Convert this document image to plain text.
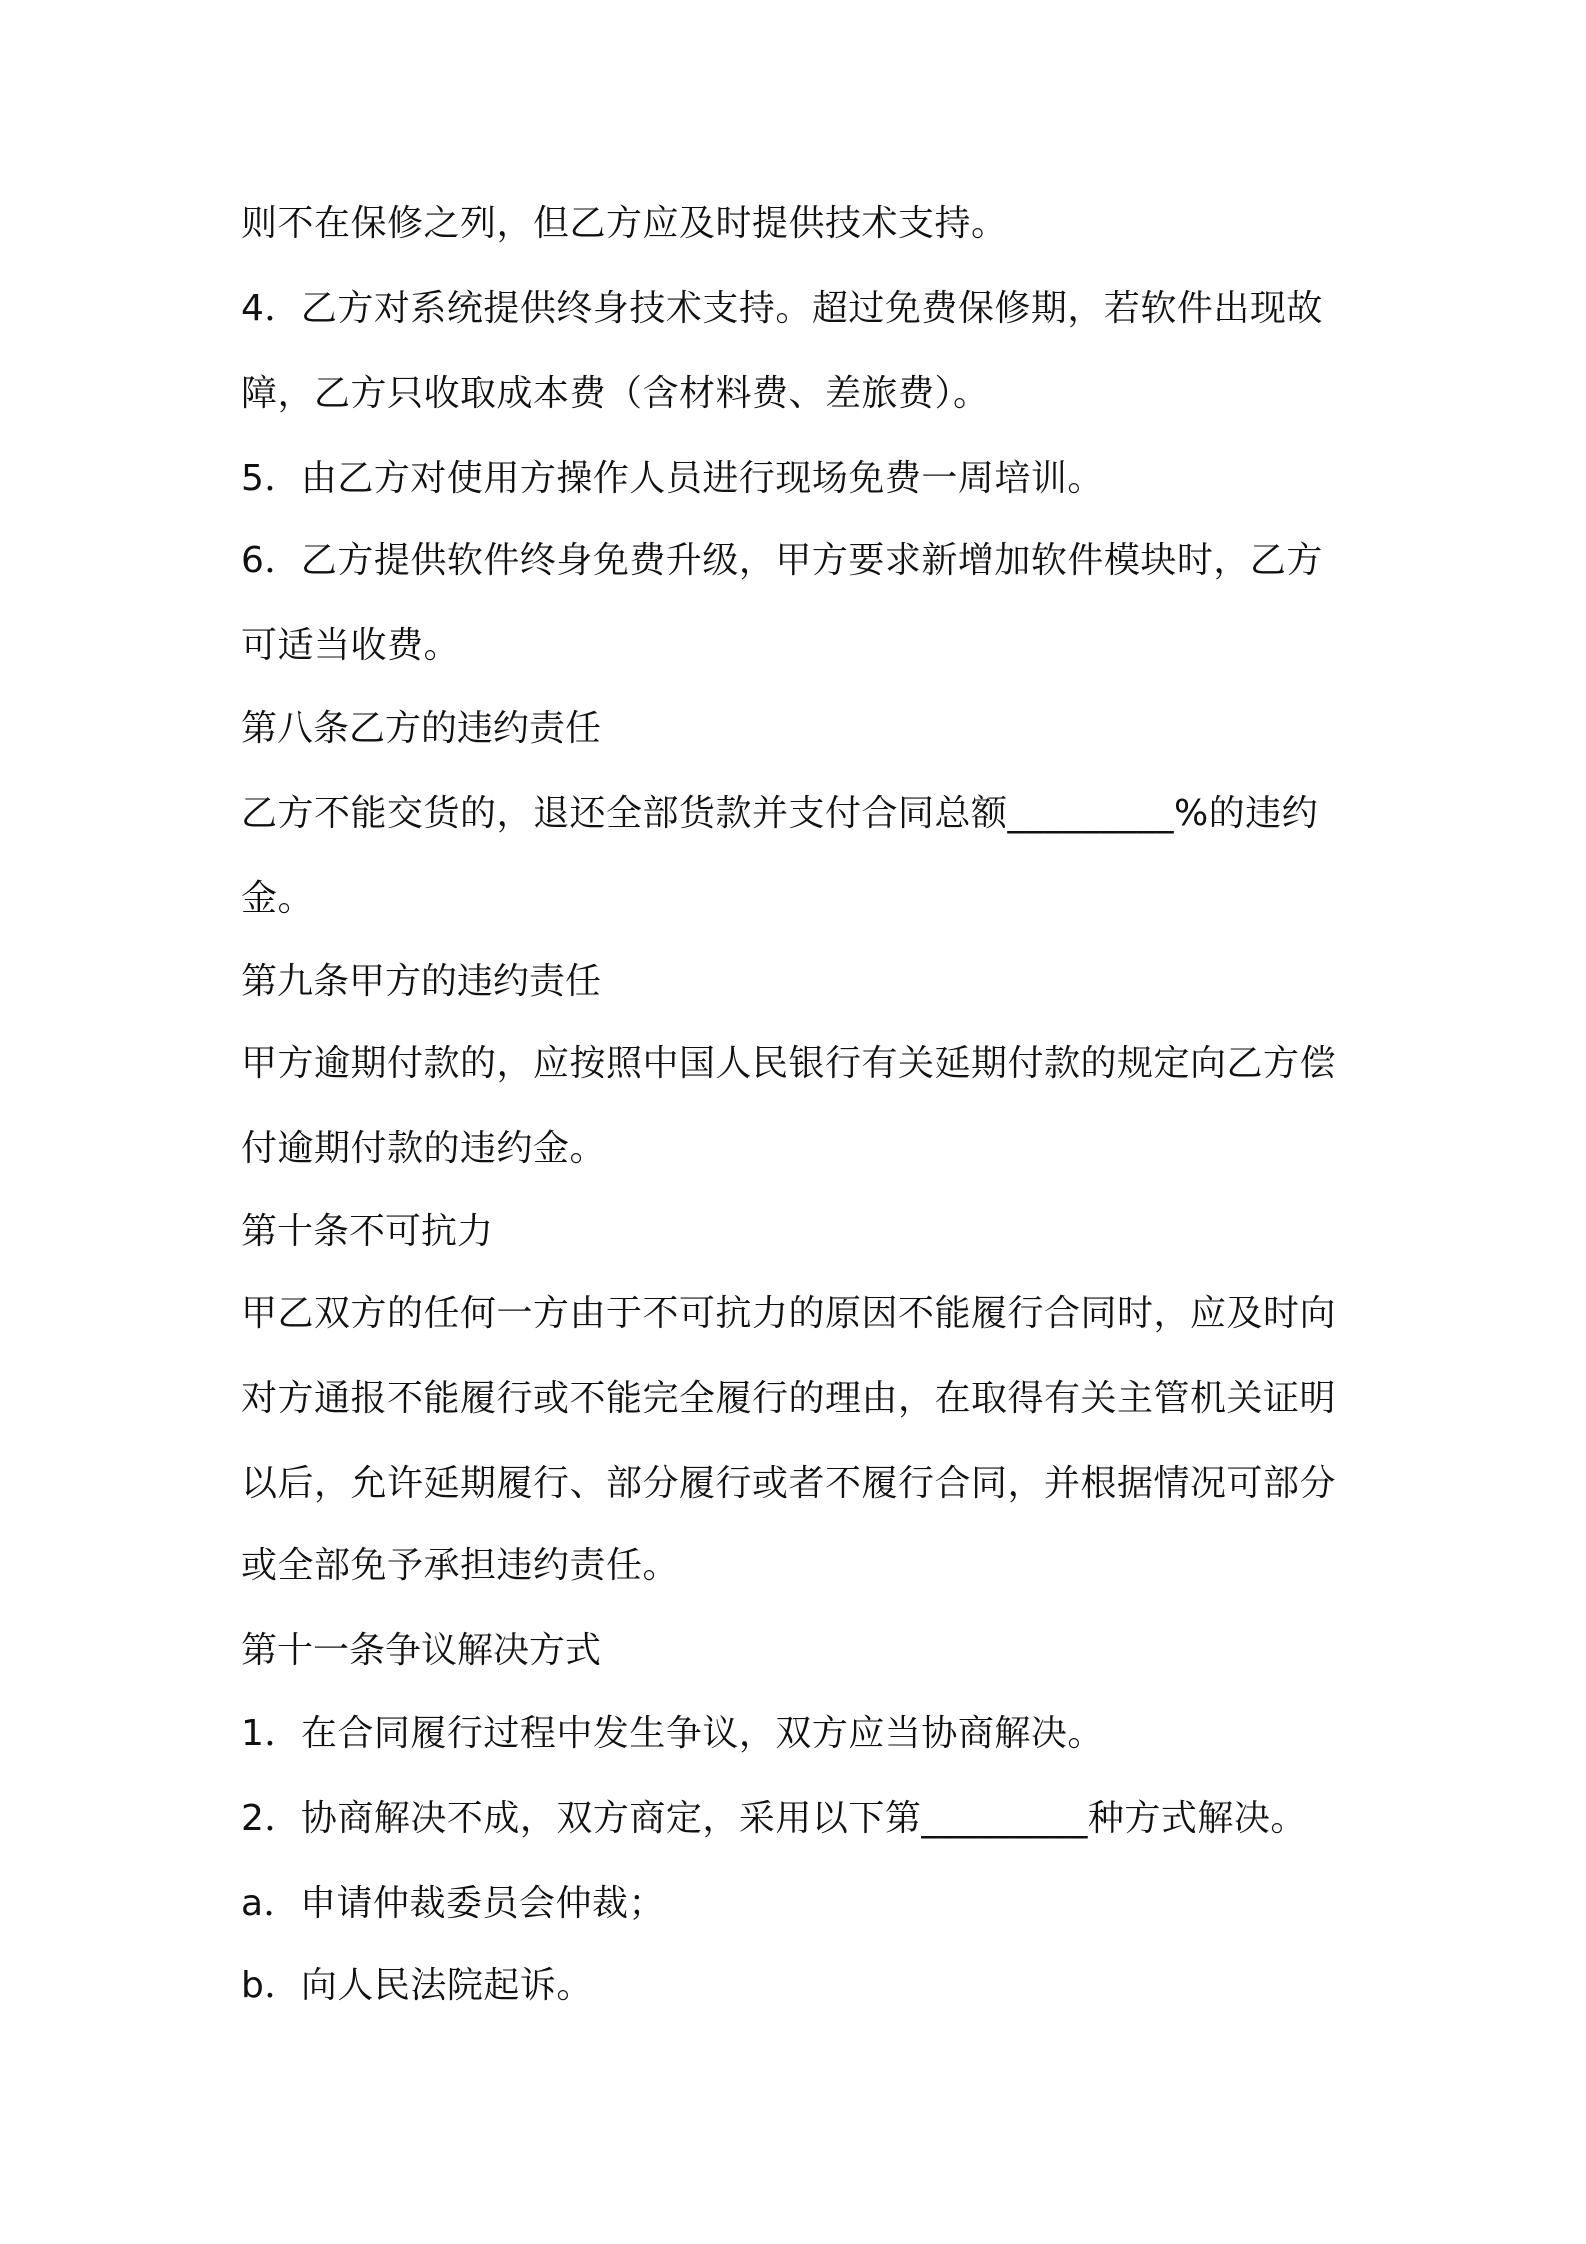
则不在保修之列，但乙方应及时提供技术支持。
4．乙方对系统提供终身技术支持。超过免费保修期，若软件出现故
障，乙方只收取成本费（含材料费、差旅费）。
5．由乙方对使用方操作人员进行现场免费一周培训。
6．乙方提供软件终身免费升级，甲方要求新增加软件模块时，乙方
可适当收费。
第八条乙方的违约责任
乙方不能交货的，退还全部货款并支付合同总额_________%的违约
金。
第九条甲方的违约责任
甲方逾期付款的，应按照中国人民银行有关延期付款的规定向乙方偿
付逾期付款的违约金。
第十条不可抗力
甲乙双方的任何一方由于不可抗力的原因不能履行合同时，应及时向
对方通报不能履行或不能完全履行的理由，在取得有关主管机关证明
以后，允许延期履行、部分履行或者不履行合同，并根据情况可部分
或全部免予承担违约责任。
第十一条争议解决方式
1．在合同履行过程中发生争议，双方应当协商解决。
2．协商解决不成，双方商定，采用以下第_________种方式解决。
a．申请仲裁委员会仲裁；
b．向人民法院起诉。
